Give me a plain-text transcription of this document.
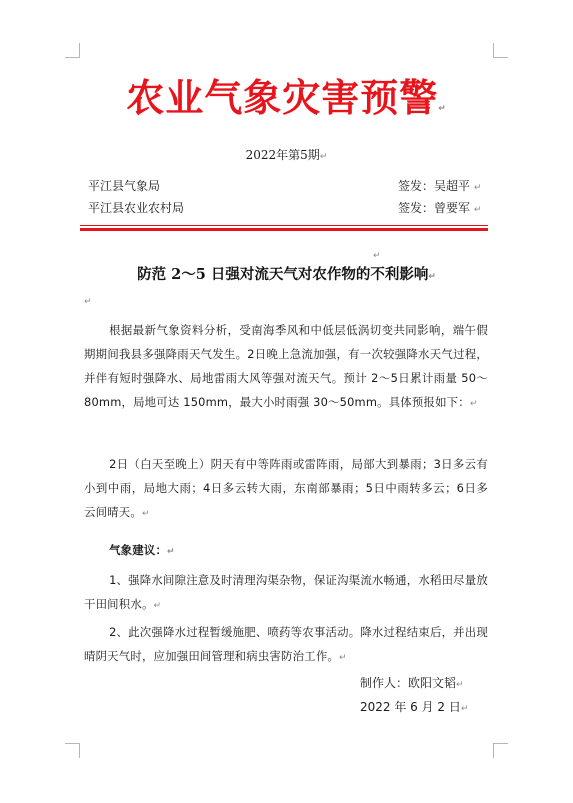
农业气象灾害预警↵
2022年第5期↵
平江县气象局	签发：吴超平 ↵
平江县农业农村局	签发：曾要军 ↵
↵
防范 2～5 日强对流天气对农作物的不利影响↵
↵

根据最新气象资料分析，受南海季风和中低层低涡切变共同影响，端午假期期间我县多强降雨天气发生。2日晚上急流加强，有一次较强降水天气过程，并伴有短时强降水、局地雷雨大风等强对流天气。预计 2～5日累计雨量 50～80mm，局地可达 150mm，最大小时雨强 30～50mm。具体预报如下：↵

2日（白天至晚上）阴天有中等阵雨或雷阵雨，局部大到暴雨；3日多云有小到中雨，局地大雨；4日多云转大雨，东南部暴雨；5日中雨转多云；6日多云间晴天。↵

气象建议：↵

1、强降水间隙注意及时清理沟渠杂物，保证沟渠流水畅通，水稻田尽量放干田间积水。↵

2、此次强降水过程暂缓施肥、喷药等农事活动。降水过程结束后，并出现晴阴天气时，应加强田间管理和病虫害防治工作。↵

制作人：欧阳文韬↵
2022 年 6 月 2 日↵
